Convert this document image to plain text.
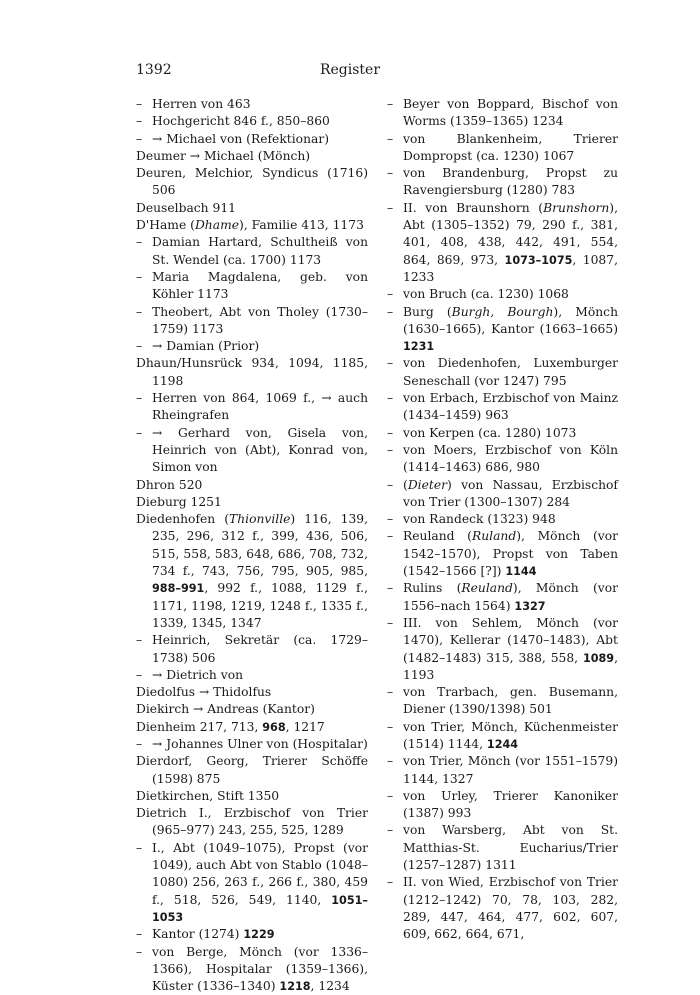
1392	Register

– Herren von 463

– Hochgericht 846 f., 850–860

– → Michael von (Refektionar)

Deumer → Michael (Mönch)

Deuren, Melchior, Syndicus (1716) 506

Deuselbach 911

D'Hame (Dhame), Familie 413, 1173

– Damian Hartard, Schultheiß von St. Wendel (ca. 1700) 1173

– Maria Magdalena, geb. von Köhler 1173

– Theobert, Abt von Tholey (1730–1759) 1173

– → Damian (Prior)

Dhaun/Hunsrück 934, 1094, 1185, 1198

– Herren von 864, 1069 f., → auch Rheingrafen

– → Gerhard von, Gisela von, Heinrich von (Abt), Konrad von, Simon von

Dhron 520

Dieburg 1251

Diedenhofen (Thionville) 116, 139, 235, 296, 312 f., 399, 436, 506, 515, 558, 583, 648, 686, 708, 732, 734 f., 743, 756, 795, 905, 985, 988–991, 992 f., 1088, 1129 f., 1171, 1198, 1219, 1248 f., 1335 f., 1339, 1345, 1347

– Heinrich, Sekretär (ca. 1729–1738) 506

– → Dietrich von

Diedolfus → Thidolfus

Diekirch → Andreas (Kantor)

Dienheim 217, 713, 968, 1217

– → Johannes Ulner von (Hospitalar)

Dierdorf, Georg, Trierer Schöffe (1598) 875

Dietkirchen, Stift 1350

Dietrich I., Erzbischof von Trier (965–977) 243, 255, 525, 1289

– I., Abt (1049–1075), Propst (vor 1049), auch Abt von Stablo (1048–1080) 256, 263 f., 266 f., 380, 459 f., 518, 526, 549, 1140, 1051–1053

– Kantor (1274) 1229

– von Berge, Mönch (vor 1336–1366), Hospitalar (1359–1366), Küster (1336–1340) 1218, 1234

– Beyer von Boppard, Bischof von Worms (1359–1365) 1234

– von Blankenheim, Trierer Dompropst (ca. 1230) 1067

– von Brandenburg, Propst zu Ravengiersburg (1280) 783

– II. von Braunshorn (Brunshorn), Abt (1305–1352) 79, 290 f., 381, 401, 408, 438, 442, 491, 554, 864, 869, 973, 1073–1075, 1087, 1233

– von Bruch (ca. 1230) 1068

– Burg (Burgh, Bourgh), Mönch (1630–1665), Kantor (1663–1665) 1231

– von Diedenhofen, Luxemburger Seneschall (vor 1247) 795

– von Erbach, Erzbischof von Mainz (1434–1459) 963

– von Kerpen (ca. 1280) 1073

– von Moers, Erzbischof von Köln (1414–1463) 686, 980

– (Dieter) von Nassau, Erzbischof von Trier (1300–1307) 284

– von Randeck (1323) 948

– Reuland (Ruland), Mönch (vor 1542–1570), Propst von Taben (1542–1566 [?]) 1144

– Rulins (Reuland), Mönch (vor 1556–nach 1564) 1327

– III. von Sehlem, Mönch (vor 1470), Kellerar (1470–1483), Abt (1482–1483) 315, 388, 558, 1089, 1193

– von Trarbach, gen. Busemann, Diener (1390/1398) 501

– von Trier, Mönch, Küchenmeister (1514) 1144, 1244

– von Trier, Mönch (vor 1551–1579) 1144, 1327

– von Urley, Trierer Kanoniker (1387) 993

– von Warsberg, Abt von St. Matthias-St. Eucharius/Trier (1257–1287) 1311

– II. von Wied, Erzbischof von Trier (1212–1242) 70, 78, 103, 282, 289, 447, 464, 477, 602, 607, 609, 662, 664, 671,
